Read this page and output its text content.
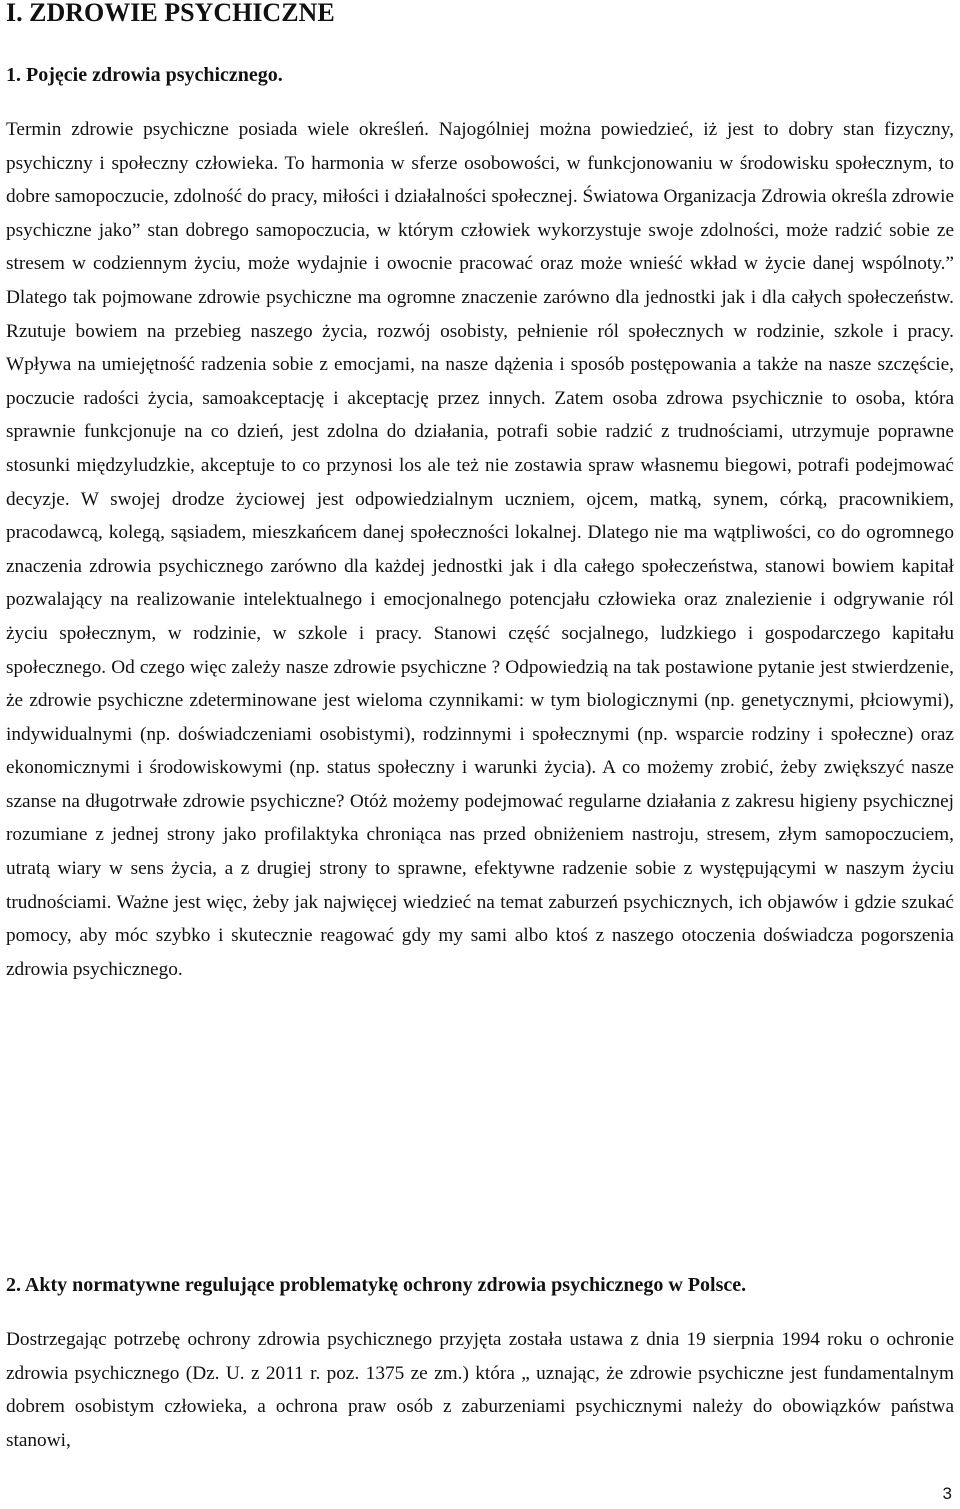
I. ZDROWIE PSYCHICZNE
1. Pojęcie zdrowia psychicznego.

Termin zdrowie psychiczne posiada wiele określeń. Najogólniej można powiedzieć, iż jest to dobry stan fizyczny, psychiczny i społeczny człowieka. To harmonia w sferze osobowości, w funkcjonowaniu w środowisku społecznym, to dobre samopoczucie, zdolność do pracy, miłości i działalności społecznej. Światowa Organizacja Zdrowia określa zdrowie psychiczne jako” stan dobrego samopoczucia, w którym człowiek wykorzystuje swoje zdolności, może radzić sobie ze stresem w codziennym życiu, może wydajnie i owocnie pracować oraz może wnieść wkład w życie danej wspólnoty.” Dlatego tak pojmowane zdrowie psychiczne ma ogromne znaczenie zarówno dla jednostki jak i dla całych społeczeństw. Rzutuje bowiem na przebieg naszego życia, rozwój osobisty, pełnienie ról społecznych w rodzinie, szkole i pracy. Wpływa na umiejętność radzenia sobie z emocjami, na nasze dążenia i sposób postępowania a także na nasze szczęście, poczucie radości życia, samoakceptację i akceptację przez innych. Zatem osoba zdrowa psychicznie to osoba, która sprawnie funkcjonuje na co dzień, jest zdolna do działania, potrafi sobie radzić z trudnościami, utrzymuje poprawne stosunki międzyludzkie, akceptuje to co przynosi los ale też nie zostawia spraw własnemu biegowi, potrafi podejmować decyzje. W swojej drodze życiowej jest odpowiedzialnym uczniem, ojcem, matką, synem, córką, pracownikiem, pracodawcą, kolegą, sąsiadem, mieszkańcem danej społeczności lokalnej. Dlatego nie ma wątpliwości, co do ogromnego znaczenia zdrowia psychicznego zarówno dla każdej jednostki jak i dla całego społeczeństwa, stanowi bowiem kapitał pozwalający na realizowanie intelektualnego i emocjonalnego potencjału człowieka oraz znalezienie i odgrywanie ról życiu społecznym, w rodzinie, w szkole i pracy. Stanowi część socjalnego, ludzkiego i gospodarczego kapitału społecznego. Od czego więc zależy nasze zdrowie psychiczne ? Odpowiedzią na tak postawione pytanie jest stwierdzenie, że zdrowie psychiczne zdeterminowane jest wieloma czynnikami: w tym biologicznymi (np. genetycznymi, płciowymi), indywidualnymi (np. doświadczeniami osobistymi), rodzinnymi i społecznymi (np. wsparcie rodziny i społeczne) oraz ekonomicznymi i środowiskowymi (np. status społeczny i warunki życia). A co możemy zrobić, żeby zwiększyć nasze szanse na długotrwałe zdrowie psychiczne? Otóż możemy podejmować regularne działania z zakresu higieny psychicznej rozumiane z jednej strony jako profilaktyka chroniąca nas przed obniżeniem nastroju, stresem, złym samopoczuciem, utratą wiary w sens życia, a z drugiej strony to sprawne, efektywne radzenie sobie z występującymi w naszym życiu trudnościami. Ważne jest więc, żeby jak najwięcej wiedzieć na temat zaburzeń psychicznych, ich objawów i gdzie szukać pomocy, aby móc szybko i skutecznie reagować gdy my sami albo ktoś z naszego otoczenia doświadcza pogorszenia zdrowia psychicznego.

2. Akty normatywne regulujące problematykę ochrony zdrowia psychicznego w Polsce.

Dostrzegając potrzebę ochrony zdrowia psychicznego przyjęta została ustawa z dnia 19 sierpnia 1994 roku o ochronie zdrowia psychicznego (Dz. U. z 2011 r. poz. 1375 ze zm.) która „ uznając, że zdrowie psychiczne jest fundamentalnym dobrem osobistym człowieka, a ochrona praw osób z zaburzeniami psychicznymi należy do obowiązków państwa stanowi,

3
